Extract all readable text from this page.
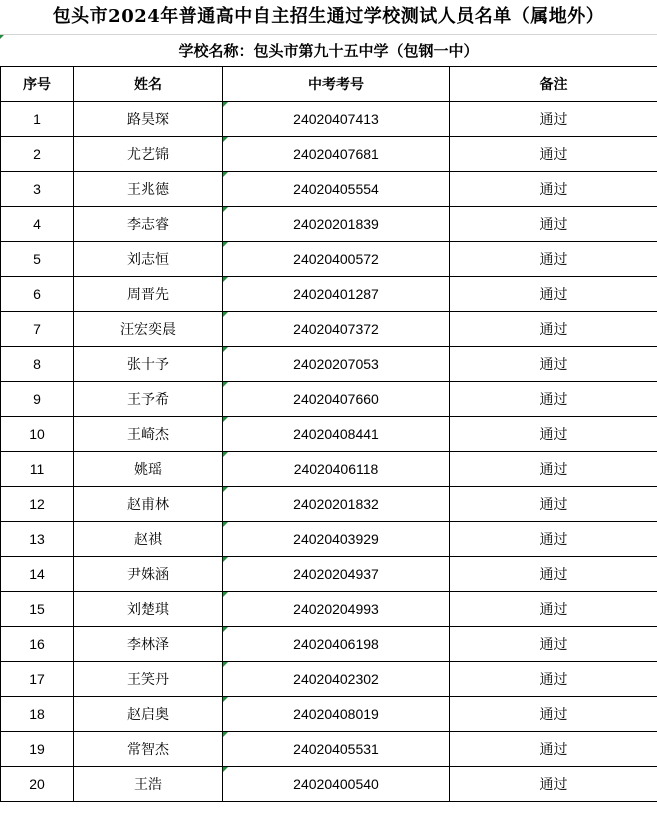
包头市2024年普通高中自主招生通过学校测试人员名单（属地外）
学校名称：包头市第九十五中学（包钢一中）
序号	姓名	中考考号	备注
1	路昊琛	24020407413	通过
2	尤艺锦	24020407681	通过
3	王兆德	24020405554	通过
4	李志睿	24020201839	通过
5	刘志恒	24020400572	通过
6	周晋先	24020401287	通过
7	汪宏奕晨	24020407372	通过
8	张十予	24020207053	通过
9	王予希	24020407660	通过
10	王崎杰	24020408441	通过
11	姚瑶	24020406118	通过
12	赵甫林	24020201832	通过
13	赵祺	24020403929	通过
14	尹姝涵	24020204937	通过
15	刘楚琪	24020204993	通过
16	李林泽	24020406198	通过
17	王笑丹	24020402302	通过
18	赵启奥	24020408019	通过
19	常智杰	24020405531	通过
20	王浩	24020400540	通过
